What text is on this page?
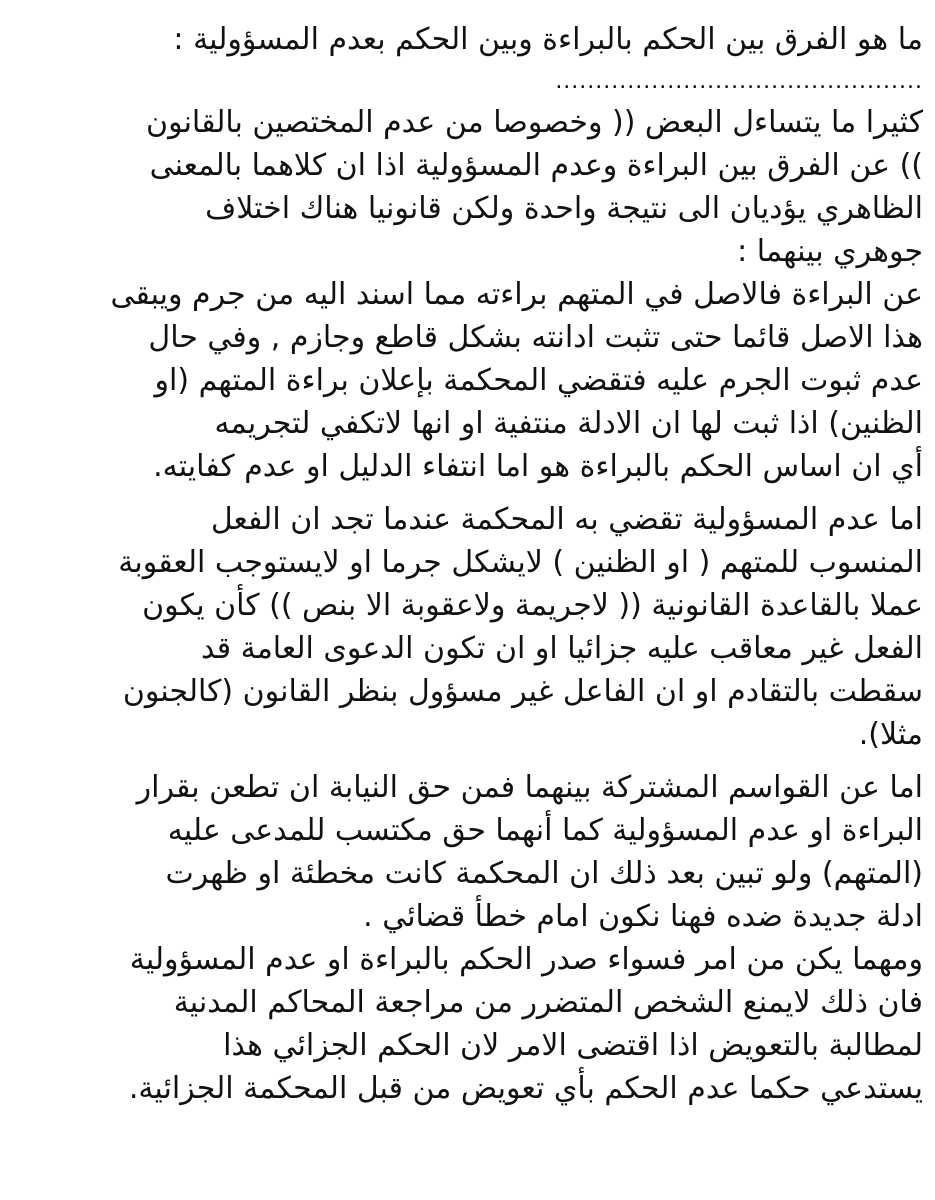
ما هو الفرق بين الحكم بالبراءة وبين الحكم بعدم المسؤولية :
..............................................
كثيرا ما يتساءل البعض (( وخصوصا من عدم المختصين بالقانون
)) عن الفرق بين البراءة وعدم المسؤولية اذا ان كلاهما بالمعنى
الظاهري يؤديان الى نتيجة واحدة ولكن قانونيا هناك اختلاف
جوهري بينهما :
عن البراءة فالاصل في المتهم براءته مما اسند اليه من جرم ويبقى
هذا الاصل قائما حتى تثبت ادانته بشكل قاطع وجازم , وفي حال
عدم ثبوت الجرم عليه فتقضي المحكمة بإعلان براءة المتهم (او
الظنين) اذا ثبت لها ان الادلة منتفية او انها لاتكفي لتجريمه
أي ان اساس الحكم بالبراءة هو اما انتفاء الدليل او عدم كفايته.
اما عدم المسؤولية تقضي به المحكمة عندما تجد ان الفعل
المنسوب للمتهم ( او الظنين ) لايشكل جرما او لايستوجب العقوبة
عملا بالقاعدة القانونية (( لاجريمة ولاعقوبة الا بنص )) كأن يكون
الفعل غير معاقب عليه جزائيا او ان تكون الدعوى العامة قد
سقطت بالتقادم او ان الفاعل غير مسؤول بنظر القانون (كالجنون
مثلا).
اما عن القواسم المشتركة بينهما فمن حق النيابة ان تطعن بقرار
البراءة او عدم المسؤولية كما أنهما حق مكتسب للمدعى عليه
(المتهم) ولو تبين بعد ذلك ان المحكمة كانت مخطئة او ظهرت
ادلة جديدة ضده فهنا نكون امام خطأ قضائي .
ومهما يكن من امر فسواء صدر الحكم بالبراءة او عدم المسؤولية
فان ذلك لايمنع الشخص المتضرر من مراجعة المحاكم المدنية
لمطالبة بالتعويض اذا اقتضى الامر لان الحكم الجزائي هذا
يستدعي حكما عدم الحكم بأي تعويض من قبل المحكمة الجزائية.
